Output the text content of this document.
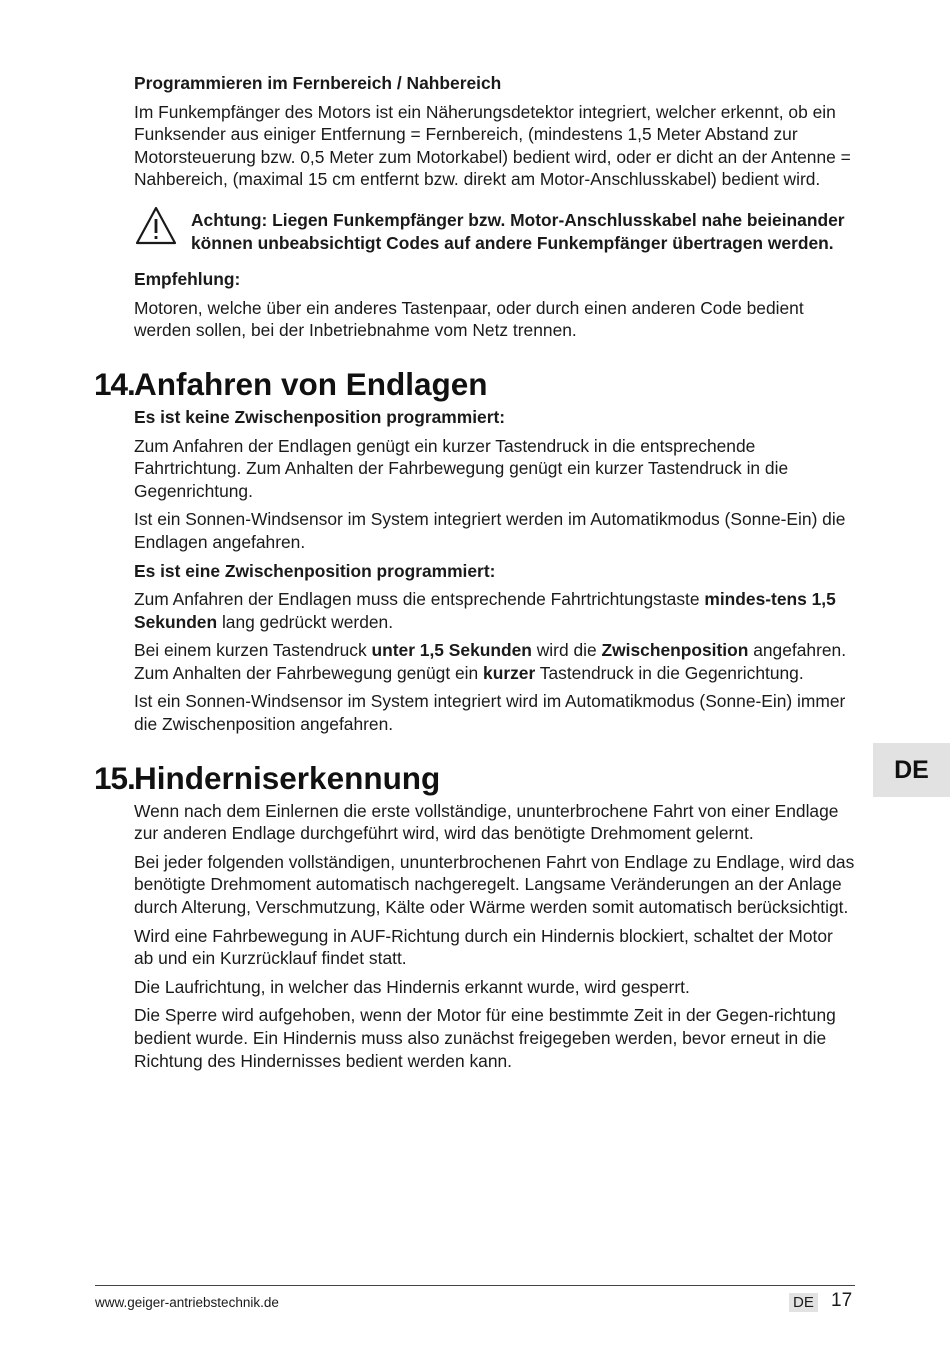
Programmieren im Fernbereich / Nahbereich
Im Funkempfänger des Motors ist ein Näherungsdetektor integriert, welcher erkennt, ob ein Funksender aus einiger Entfernung = Fernbereich, (mindestens 1,5 Meter Abstand zur Motorsteuerung bzw. 0,5 Meter zum Motorkabel) bedient wird, oder er dicht an der Antenne = Nahbereich, (maximal 15 cm entfernt bzw. direkt am Motor-Anschlusskabel) bedient wird.
Achtung: Liegen Funkempfänger bzw. Motor-Anschlusskabel nahe beieinander können unbeabsichtigt Codes auf andere Funkempfänger übertragen werden.
Empfehlung:
Motoren, welche über ein anderes Tastenpaar, oder durch einen anderen Code bedient werden sollen, bei der Inbetriebnahme vom Netz trennen.
14.Anfahren von Endlagen
Es ist keine Zwischenposition programmiert:
Zum Anfahren der Endlagen genügt ein kurzer Tastendruck in die entsprechende Fahrtrichtung. Zum Anhalten der Fahrbewegung genügt ein kurzer Tastendruck in die Gegenrichtung.
Ist ein Sonnen-Windsensor im System integriert werden im Automatikmodus (Sonne-Ein) die Endlagen angefahren.
Es ist eine Zwischenposition programmiert:
Zum Anfahren der Endlagen muss die entsprechende Fahrtrichtungstaste mindes-tens 1,5 Sekunden lang gedrückt werden.
Bei einem kurzen Tastendruck unter 1,5 Sekunden wird die Zwischenposition angefahren. Zum Anhalten der Fahrbewegung genügt ein kurzer Tastendruck in die Gegenrichtung.
Ist ein Sonnen-Windsensor im System integriert wird im Automatikmodus (Sonne-Ein) immer die Zwischenposition angefahren.
15.Hinderniserkennung
Wenn nach dem Einlernen die erste vollständige, ununterbrochene Fahrt von einer Endlage zur anderen Endlage durchgeführt wird, wird das benötigte Drehmoment gelernt.
Bei jeder folgenden vollständigen, ununterbrochenen Fahrt von Endlage zu Endlage, wird das benötigte Drehmoment automatisch nachgeregelt. Langsame Veränderungen an der Anlage durch Alterung, Verschmutzung, Kälte oder Wärme werden somit automatisch berücksichtigt.
Wird eine Fahrbewegung in AUF-Richtung durch ein Hindernis blockiert, schaltet der Motor ab und ein Kurzrücklauf findet statt.
Die Laufrichtung, in welcher das Hindernis erkannt wurde, wird gesperrt.
Die Sperre wird aufgehoben, wenn der Motor für eine bestimmte Zeit in der Gegen-richtung bedient wurde. Ein Hindernis muss also zunächst freigegeben werden, bevor erneut in die Richtung des Hindernisses bedient werden kann.
DE
www.geiger-antriebstechnik.de	DE 17
